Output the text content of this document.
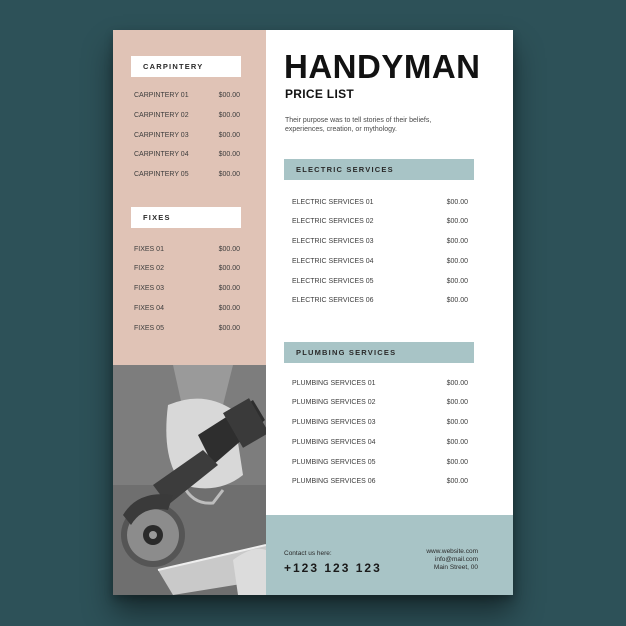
CARPINTERY
CARPINTERY 01	$00.00
CARPINTERY 02	$00.00
CARPINTERY 03	$00.00
CARPINTERY 04	$00.00
CARPINTERY 05	$00.00
FIXES
FIXES 01	$00.00
FIXES 02	$00.00
FIXES 03	$00.00
FIXES 04	$00.00
FIXES 05	$00.00
HANDYMAN
PRICE LIST
Their purpose was to tell stories of their beliefs, experiences, creation, or mythology.
ELECTRIC SERVICES
ELECTRIC SERVICES 01	$00.00
ELECTRIC SERVICES 02	$00.00
ELECTRIC SERVICES 03	$00.00
ELECTRIC SERVICES 04	$00.00
ELECTRIC SERVICES 05	$00.00
ELECTRIC SERVICES 06	$00.00
PLUMBING SERVICES
PLUMBING SERVICES 01	$00.00
PLUMBING SERVICES 02	$00.00
PLUMBING SERVICES 03	$00.00
PLUMBING SERVICES 04	$00.00
PLUMBING SERVICES 05	$00.00
PLUMBING SERVICES 06	$00.00
Contact us here:
+123 123 123
www.website.com
info@mail.com
Main Street, 00
